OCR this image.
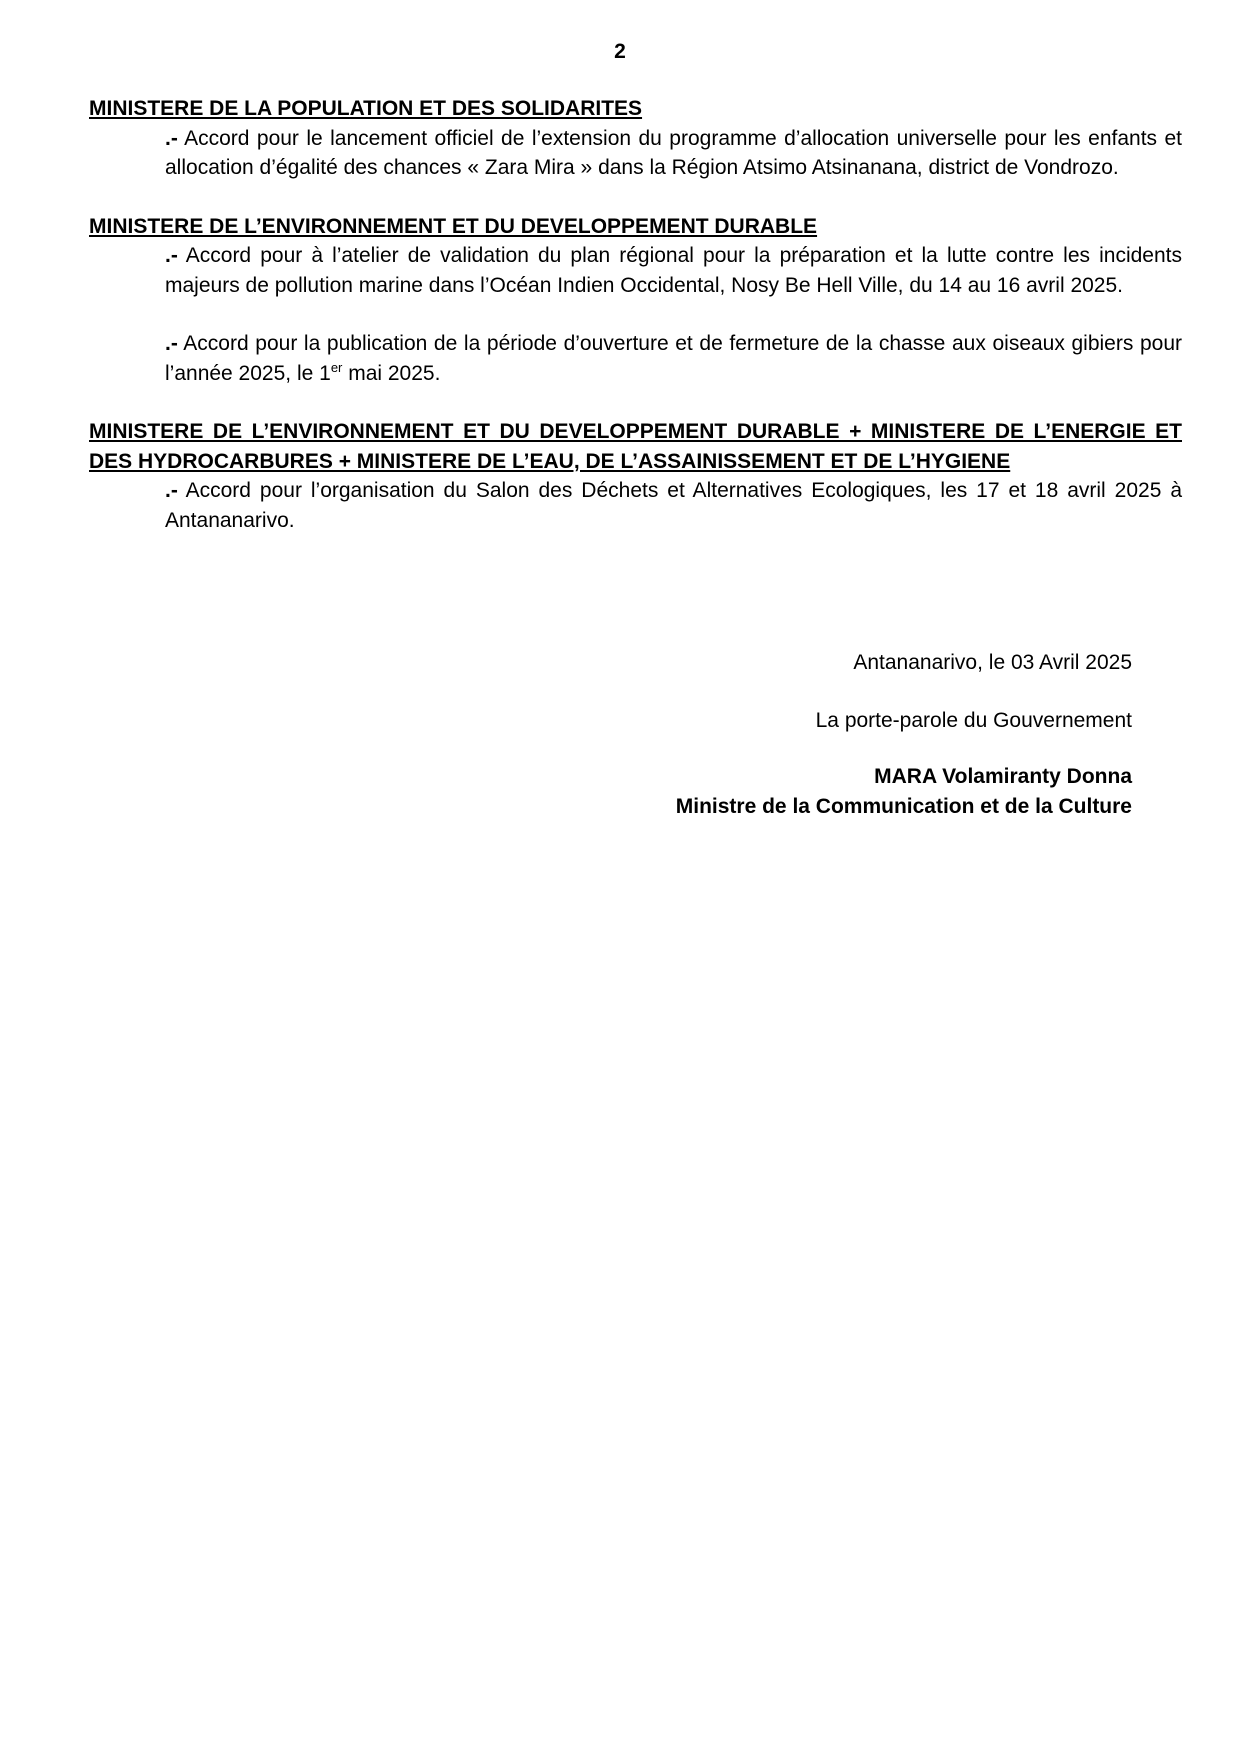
2

MINISTERE DE LA POPULATION ET DES SOLIDARITES

.- Accord pour le lancement officiel de l’extension du programme d’allocation universelle pour les enfants et allocation d’égalité des chances « Zara Mira » dans la Région Atsimo Atsinanana, district de Vondrozo.

MINISTERE DE L’ENVIRONNEMENT ET DU DEVELOPPEMENT DURABLE

.- Accord pour à l’atelier de validation du plan régional pour la préparation et la lutte contre les incidents majeurs de pollution marine dans l’Océan Indien Occidental, Nosy Be Hell Ville, du 14 au 16 avril 2025.

.- Accord pour la publication de la période d’ouverture et de fermeture de la chasse aux oiseaux gibiers pour l’année 2025, le 1er mai 2025.

MINISTERE DE L’ENVIRONNEMENT ET DU DEVELOPPEMENT DURABLE + MINISTERE DE L’ENERGIE ET DES HYDROCARBURES + MINISTERE DE L’EAU, DE L’ASSAINISSEMENT ET DE L’HYGIENE

.- Accord pour l’organisation du Salon des Déchets et Alternatives Ecologiques, les 17 et 18 avril 2025 à Antananarivo.

Antananarivo, le 03 Avril 2025
La porte-parole du Gouvernement
MARA Volamiranty Donna
Ministre de la Communication et de la Culture
